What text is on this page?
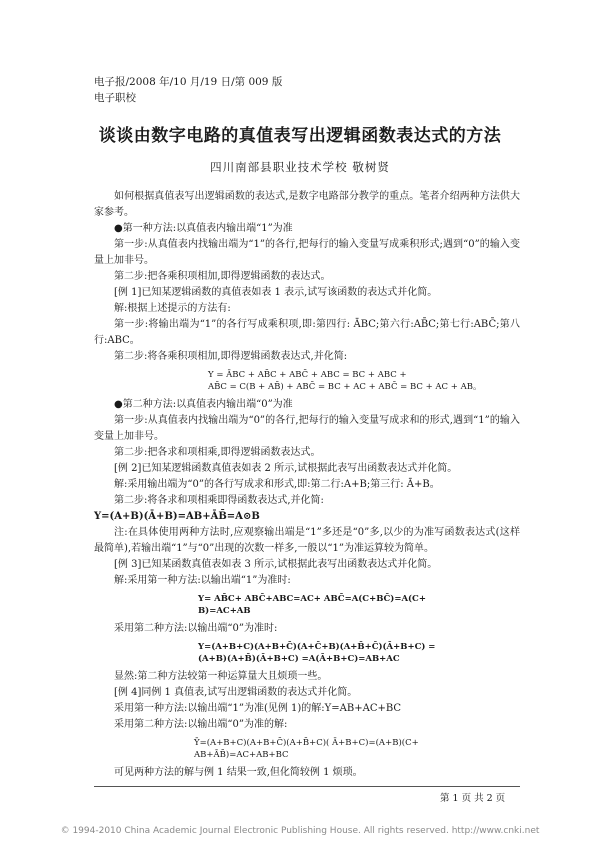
电子报/2008 年/10 月/19 日/第 009 版
电子职校
谈谈由数字电路的真值表写出逻辑函数表达式的方法
四川南部县职业技术学校 敬树贤

如何根据真值表写出逻辑函数的表达式,是数字电路部分教学的重点。笔者介绍两种方法供大家参考。

●第一种方法:以真值表内输出端“1”为准

第一步:从真值表内找输出端为“1”的各行,把每行的输入变量写成乘积形式;遇到“0”的输入变量上加非号。

第二步:把各乘积项相加,即得逻辑函数的表达式。

[例 1]已知某逻辑函数的真值表如表 1 表示,试写该函数的表达式并化简。

解:根据上述提示的方法有:

第一步:将输出端为“1”的各行写成乘积项,即:第四行: ĀBC;第六行:AB̄C;第七行:ABC̄;第八行:ABC。

第二步:将各乘积项相加,即得逻辑函数表达式,并化简:

Y = ĀBC + AB̄C + ABC̄ + ABC = BC + ABC +
AB̄C = C(B + AB̄) + ABC̄ = BC + AC + ABC̄ = BC + AC + AB。

●第二种方法:以真值表内输出端“0”为准

第一步:从真值表内找输出端为“0”的各行,把每行的输入变量写成求和的形式,遇到“1”的输入变量上加非号。

第二步:把各求和项相乘,即得逻辑函数表达式。

[例 2]已知某逻辑函数真值表如表 2 所示,试根据此表写出函数表达式并化简。

解:采用输出端为“0”的各行写成求和形式,即:第二行:A+B;第三行: Ā+B。

第二步:将各求和项相乘即得函数表达式,并化简:

Y=(A+B)(Ā+B)=AB+ĀB̄=A⊙B

注:在具体使用两种方法时,应观察输出端是“1”多还是“0”多,以少的为准写函数表达式(这样最简单),若输出端“1”与“0”出现的次数一样多,一般以“1”为准运算较为简单。

[例 3]已知某函数真值表如表 3 所示,试根据此表写出函数表达式并化简。

解:采用第一种方法:以输出端“1”为准时:

Y= AB̄C+ ABC̄+ABC=AC+ ABC̄=A(C+BC̄)=A(C+
B)=AC+AB

采用第二种方法:以输出端“0”为准时:

Y=(A+B+C)(A+B+C̄)(A+C̄+B)(A+B̄+C̄)(Ā+B+C) =
(A+B)(A+B̄)(Ā+B+C) =A(Ā+B+C)=AB+AC

显然:第二种方法较第一种运算量大且烦琐一些。

[例 4]同例 1 真值表,试写出逻辑函数的表达式并化简。

采用第一种方法:以输出端“1”为准(见例 1)的解:Y=AB+AC+BC

采用第二种方法:以输出端“0”为准的解:

Ȳ=(A+B+C)(A+B+C̄)(A+B̄+C)( Ā+B+C)=(A+B)(C+
AB+ĀB̄)=AC+AB+BC

可见两种方法的解与例 1 结果一致,但化简较例 1 烦琐。

第 1 页 共 2 页
© 1994-2010 China Academic Journal Electronic Publishing House. All rights reserved. http://www.cnki.net
